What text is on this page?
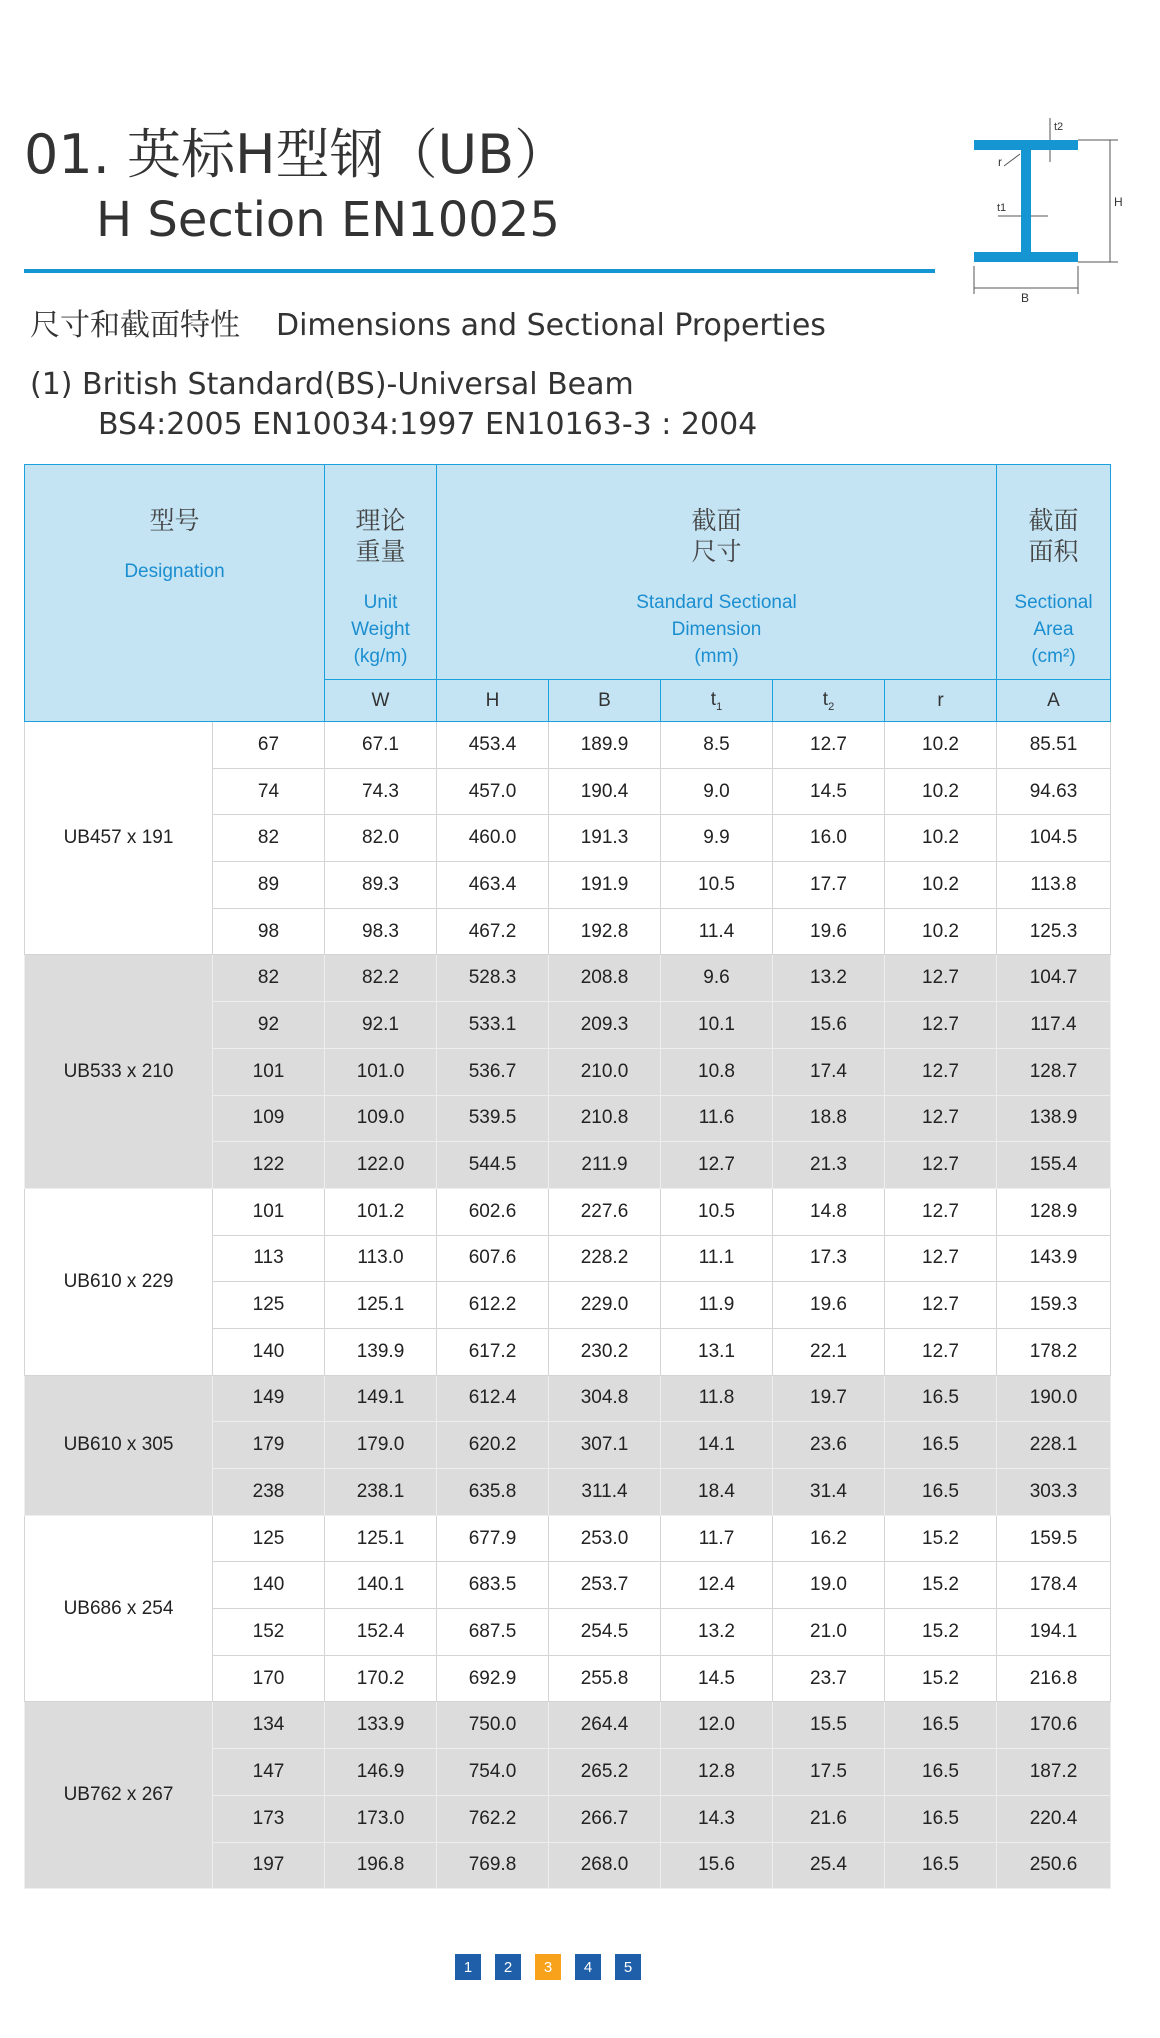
01. 英标H型钢（UB）
H Section EN10025
尺寸和截面特性 Dimensions and Sectional Properties
(1) British Standard(BS)-Universal Beam
BS4:2005 EN10034:1997 EN10163-3 : 2004
t2
r
t1	H
B
型号
Designation		理论
重量
Unit
Weight
(kg/m)	截面
尺寸
Standard Sectional
Dimension
(mm)					截面
面积
Sectional
Area
(cm²)

		W	H	B	$t_1$	$t_2$	r	A
UB457 x 191	67	67.1	453.4	189.9	8.5	12.7	10.2	85.51
	74	74.3	457.0	190.4	9.0	14.5	10.2	94.63
	82	82.0	460.0	191.3	9.9	16.0	10.2	104.5
	89	89.3	463.4	191.9	10.5	17.7	10.2	113.8
	98	98.3	467.2	192.8	11.4	19.6	10.2	125.3
UB533 x 210	82	82.2	528.3	208.8	9.6	13.2	12.7	104.7
	92	92.1	533.1	209.3	10.1	15.6	12.7	117.4
	101	101.0	536.7	210.0	10.8	17.4	12.7	128.7
	109	109.0	539.5	210.8	11.6	18.8	12.7	138.9
	122	122.0	544.5	211.9	12.7	21.3	12.7	155.4
UB610 x 229	101	101.2	602.6	227.6	10.5	14.8	12.7	128.9
	113	113.0	607.6	228.2	11.1	17.3	12.7	143.9
	125	125.1	612.2	229.0	11.9	19.6	12.7	159.3
	140	139.9	617.2	230.2	13.1	22.1	12.7	178.2
UB610 x 305	149	149.1	612.4	304.8	11.8	19.7	16.5	190.0
	179	179.0	620.2	307.1	14.1	23.6	16.5	228.1
	238	238.1	635.8	311.4	18.4	31.4	16.5	303.3
UB686 x 254	125	125.1	677.9	253.0	11.7	16.2	15.2	159.5
	140	140.1	683.5	253.7	12.4	19.0	15.2	178.4
	152	152.4	687.5	254.5	13.2	21.0	15.2	194.1
	170	170.2	692.9	255.8	14.5	23.7	15.2	216.8
UB762 x 267	134	133.9	750.0	264.4	12.0	15.5	16.5	170.6
	147	146.9	754.0	265.2	12.8	17.5	16.5	187.2
	173	173.0	762.2	266.7	14.3	21.6	16.5	220.4
	197	196.8	769.8	268.0	15.6	25.4	16.5	250.6
1	2	3	4	5
